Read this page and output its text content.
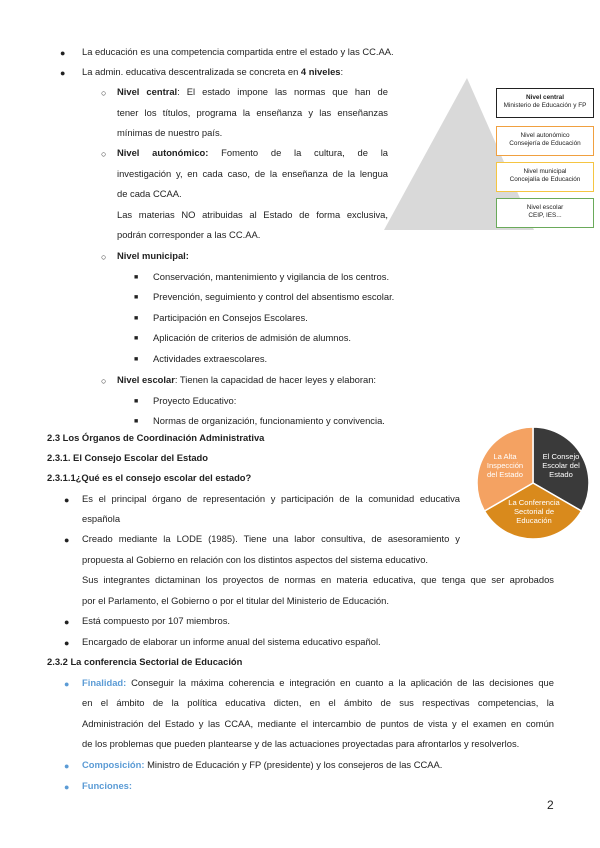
● La educación es una competencia compartida entre el estado y las CC.AA.
● La admin. educativa descentralizada se concreta en 4 niveles:
○ Nivel central: El estado impone las normas que han de
tener los títulos, programa la enseñanza y las enseñanzas
mínimas de nuestro país.
○ Nivel autonómico: Fomento de la cultura, de la
investigación y, en cada caso, de la enseñanza de la lengua
de cada CCAA.
Las materias NO atribuidas al Estado de forma exclusiva,
podrán corresponder a las CC.AA.
○ Nivel municipal:
■ Conservación, mantenimiento y vigilancia de los centros.
■ Prevención, seguimiento y control del absentismo escolar.
■ Participación en Consejos Escolares.
■ Aplicación de criterios de admisión de alumnos.
■ Actividades extraescolares.
○ Nivel escolar: Tienen la capacidad de hacer leyes y elaboran:
■ Proyecto Educativo:
■ Normas de organización, funcionamiento y convivencia.
Nivel central
Ministerio de Educación y FP
Nivel autonómico
Consejería de Educación
Nivel municipal
Concejalía de Educación
Nivel escolar
CEIP, IES...
2.3 Los Órganos de Coordinación Administrativa
2.3.1. El Consejo Escolar del Estado
2.3.1.1¿Qué es el consejo escolar del estado?
● Es el principal órgano de representación y participación de la comunidad educativa
española
● Creado mediante la LODE (1985). Tiene una labor consultiva, de asesoramiento y
propuesta al Gobierno en relación con los distintos aspectos del sistema educativo.
Sus integrantes dictaminan los proyectos de normas en materia educativa, que tenga que ser aprobados
por el Parlamento, el Gobierno o por el titular del Ministerio de Educación.
● Está compuesto por 107 miembros.
● Encargado de elaborar un informe anual del sistema educativo español.
El Consejo Escolar del Estado
La Conferencia Sectorial de Educación
La Alta Inspección del Estado
2.3.2 La conferencia Sectorial de Educación
● Finalidad: Conseguir la máxima coherencia e integración en cuanto a la aplicación de las decisiones que
en el ámbito de la política educativa dicten, en el ámbito de sus respectivas competencias, la
Administración del Estado y las CCAA, mediante el intercambio de puntos de vista y el examen en común
de los problemas que pueden plantearse y de las actuaciones proyectadas para afrontarlos y resolverlos.
● Composición: Ministro de Educación y FP (presidente) y los consejeros de las CCAA.
● Funciones:
2
